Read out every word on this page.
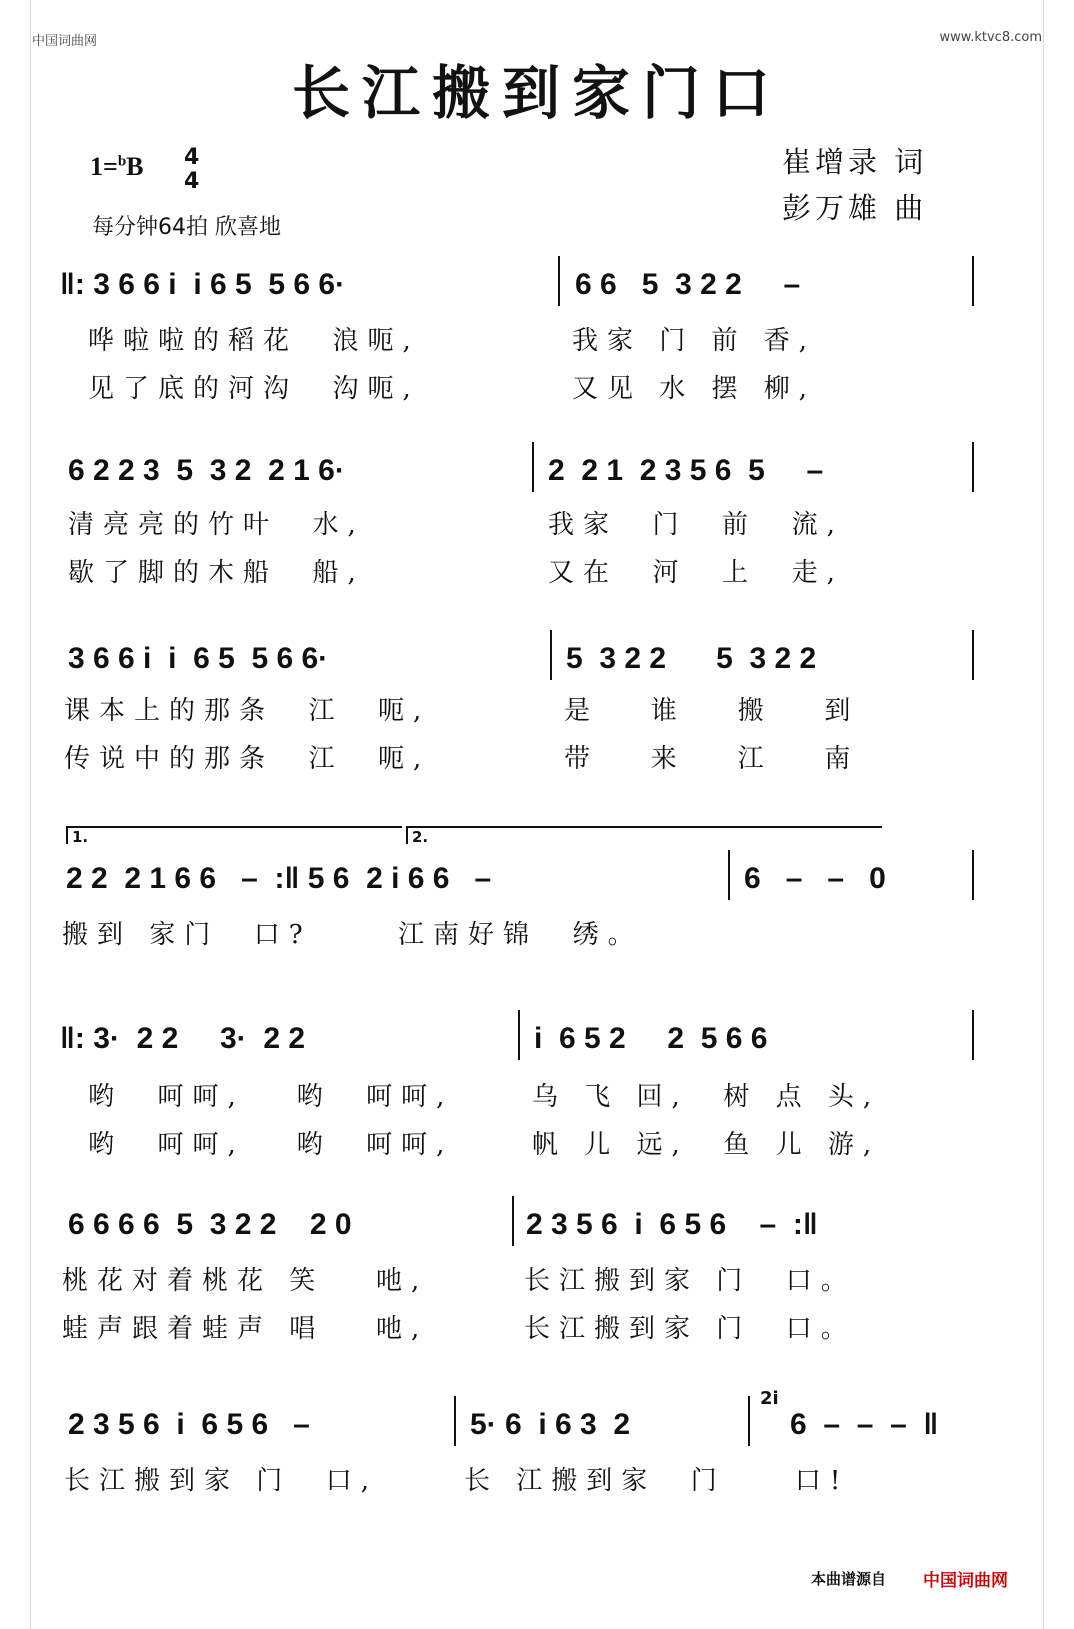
中国词曲网	www.ktvc8.com
长江搬到家门口
1=$^b$B 4
4
每分钟64拍 欣喜地
崔增录 词
彭万雄 曲
‖: 3 6 6 i  i 6 5  5 6 6·	6 6   5  3 2 2     –
哗啦啦的稻花  浪呃,
见了底的河沟  沟呃,
我家 门 前 香,
又见 水 摆 柳,
6 2 2 3  5  3 2  2 1 6·	2  2 1  2 3 5 6  5     –
清亮亮的竹叶  水,
歇了脚的木船  船,
我家  门  前  流,
又在  河  上  走,
3 6 6 i  i  6 5  5 6 6·	5  3 2 2      5  3 2 2
课本上的那条  江  呃,
传说中的那条  江  呃,
是   谁   搬   到
带   来   江   南
1.	2.
2 2  2 1 6 6   –  :‖ 5 6  2 i 6 6   –	6   –   –   0
搬到 家门  口?     江南好锦  绣。
‖: 3·  2 2     3·  2 2	i  6 5 2     2  5 6 6
哟  呵呵,   哟  呵呵,
哟  呵呵,   哟  呵呵,
乌 飞 回,  树 点 头,
帆 儿 远,  鱼 儿 游,
6 6 6 6  5  3 2 2    2 0	2 3 5 6  i  6 5 6    –  :‖
桃花对着桃花 笑   吔,
蛙声跟着蛙声 唱   吔,
长江搬到家 门  口。
长江搬到家 门  口。
2 3 5 6  i  6 5 6   –	5· 6  i 6 3  2
2i
6  –  –  –  ‖
长江搬到家 门  口,	长 江搬到家  门    口!
本曲谱源自 中国词曲网
